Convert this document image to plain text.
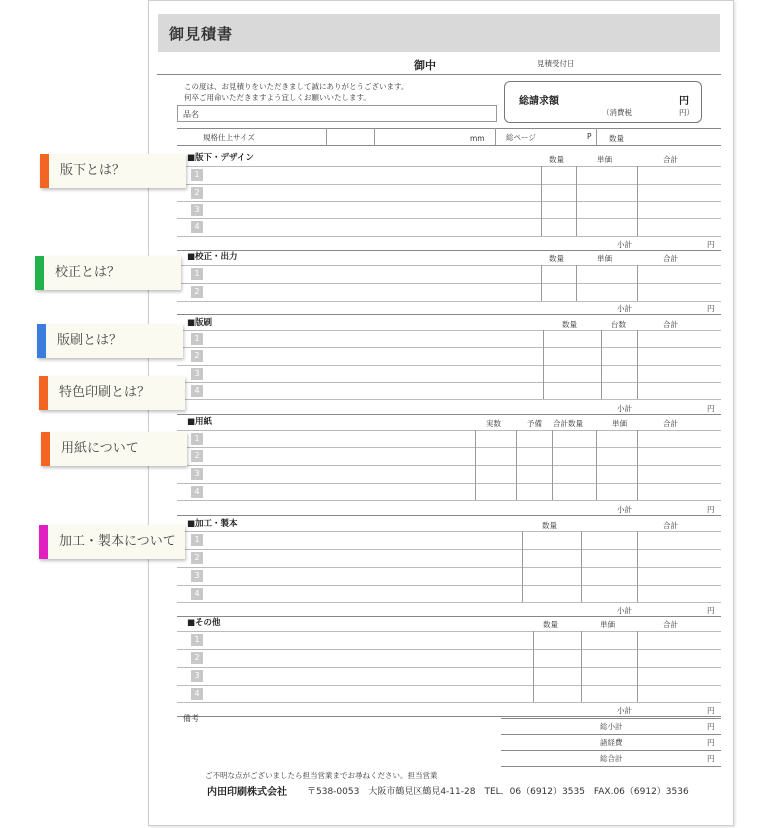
御見積書
御中	見積受付日
この度は、お見積りをいただきまして誠にありがとうございます。
何卒ご用命いただきますよう宜しくお願いいたします。	総請求額	円
（消費税	円）
品名
規格仕上サイズ	mm	総ページ	P 数量
■版下・デザイン	数量	単価	合計
1
2
3
4
小計	円
■校正・出力	数量	単価	合計
1
2
小計	円
■版刷	数量	台数	合計
1
2
3
4
小計	円
■用紙	実数	予備 合計数量	単価	合計
1
2
3
4
小計	円
■加工・製本	数量	合計
1
2
3
4
小計	円
■その他	数量	単価	合計
1
2
3
4
小計	円
備考
総小計	円
諸経費	円
総合計	円
ご不明な点がございましたら担当営業までお尋ねください。担当営業
内田印刷株式会社 〒538-0053　大阪市鶴見区鶴見4-11-28　TEL．06（6912）3535　FAX.06（6912）3536
版下とは？
校正とは？
版刷とは？
特色印刷とは？
用紙について
加工・製本について
